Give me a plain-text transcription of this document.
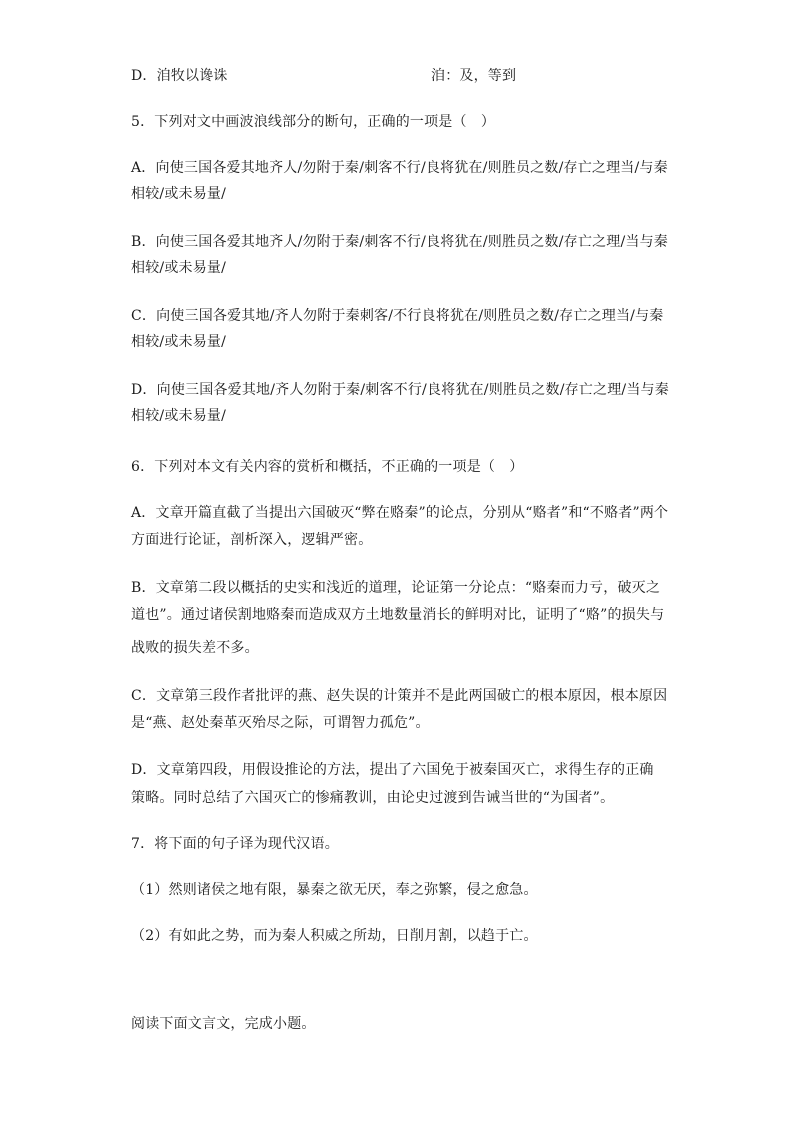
D．洎牧以谗诛	洎：及，等到
5．下列对文中画波浪线部分的断句，正确的一项是（　）
A．向使三国各爱其地齐人/勿附于秦/刺客不行/良将犹在/则胜员之数/存亡之理当/与秦
相较/或未易量/
B．向使三国各爱其地齐人/勿附于秦/刺客不行/良将犹在/则胜员之数/存亡之理/当与秦
相较/或未易量/
C．向使三国各爱其地/齐人勿附于秦刺客/不行良将犹在/则胜员之数/存亡之理当/与秦
相较/或未易量/
D．向使三国各爱其地/齐人勿附于秦/刺客不行/良将犹在/则胜员之数/存亡之理/当与秦
相较/或未易量/
6．下列对本文有关内容的赏析和概括，不正确的一项是（　）
A．文章开篇直截了当提出六国破灭“弊在赂秦”的论点，分别从“赂者”和“不赂者”两个
方面进行论证，剖析深入，逻辑严密。
B．文章第二段以概括的史实和浅近的道理，论证第一分论点：“赂秦而力亏，破灭之
道也”。通过诸侯割地赂秦而造成双方土地数量消长的鲜明对比，证明了“赂”的损失与
战败的损失差不多。
C．文章第三段作者批评的燕、赵失误的计策并不是此两国破亡的根本原因，根本原因
是“燕、赵处秦革灭殆尽之际，可谓智力孤危”。
D．文章第四段，用假设推论的方法，提出了六国免于被秦国灭亡，求得生存的正确
策略。同时总结了六国灭亡的惨痛教训，由论史过渡到告诫当世的“为国者”。
7．将下面的句子译为现代汉语。
（1）然则诸侯之地有限，暴秦之欲无厌，奉之弥繁，侵之愈急。
（2）有如此之势，而为秦人积威之所劫，日削月割，以趋于亡。
阅读下面文言文，完成小题。
